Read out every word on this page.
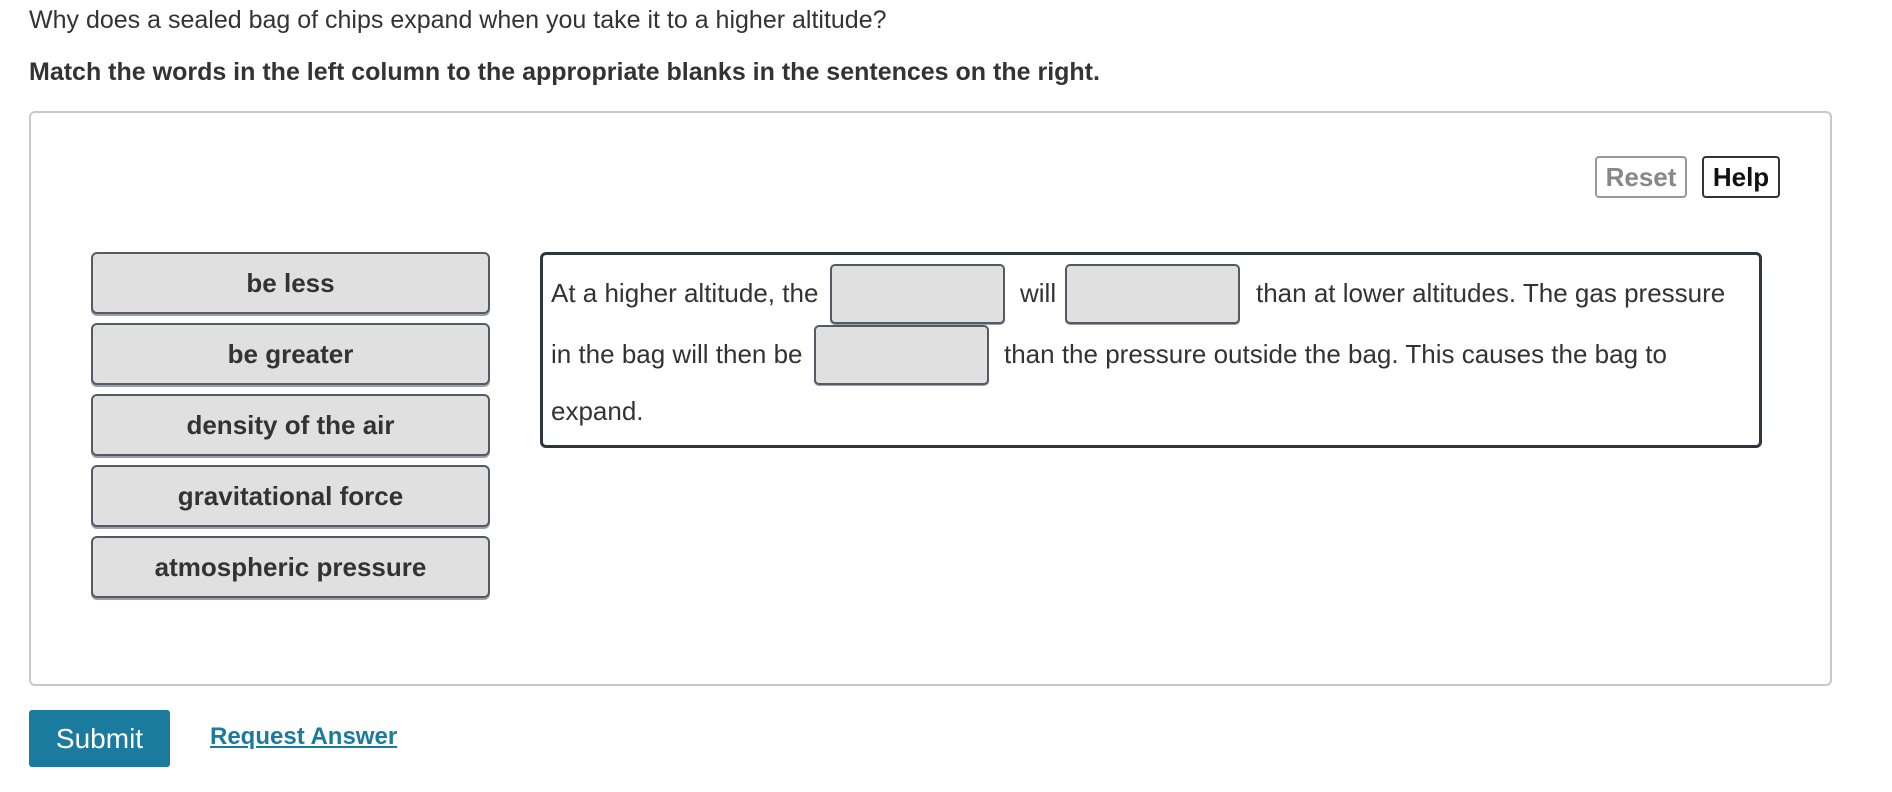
Why does a sealed bag of chips expand when you take it to a higher altitude?
Match the words in the left column to the appropriate blanks in the sentences on the right.
Reset	Help
be less
be greater
density of the air
gravitational force
atmospheric pressure
At a higher altitude, the	will	than at lower altitudes. The gas pressure
in the bag will then be	than the pressure outside the bag. This causes the bag to
expand.
Submit	Request Answer
